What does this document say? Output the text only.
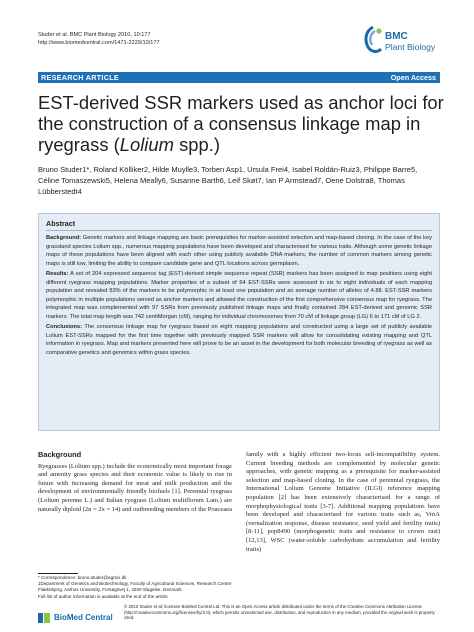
Studer et al. BMC Plant Biology 2010, 10:177
http://www.biomedcentral.com/1471-2229/10/177
BMC
Plant Biology
RESEARCH ARTICLE	Open Access
EST-derived SSR markers used as anchor loci for the construction of a consensus linkage map in ryegrass (Lolium spp.)
Bruno Studer1*, Roland Kölliker2, Hilde Muylle3, Torben Asp1, Ursula Frei4, Isabel Roldán-Ruiz3, Philippe Barre5, Céline Tomaszewski5, Helena Meally6, Susanne Barth6, Leif Skøt7, Ian P Armstead7, Oene Dolstra8, Thomas Lübberstedt4
Abstract

Background: Genetic markers and linkage mapping are basic prerequisites for marker-assisted selection and map-based cloning. In the case of the key grassland species Lolium spp., numerous mapping populations have been developed and characterised for various traits. Although some genetic linkage maps of these populations have been aligned with each other using publicly available DNA markers, the number of common markers among genetic maps is still low, limiting the ability to compare candidate gene and QTL locations across germplasm.

Results: A set of 204 expressed sequence tag (EST)-derived simple sequence repeat (SSR) markers has been assigned to map positions using eight different ryegrass mapping populations. Marker properties of a subset of 64 EST-SSRs were assessed in six to eight individuals of each mapping population and revealed 83% of the markers to be polymorphic in at least one population and an average number of alleles of 4.88. EST-SSR markers polymorphic in multiple populations served as anchor markers and allowed the construction of the first comprehensive consensus map for ryegrass. The integrated map was complemented with 97 SSRs from previously published linkage maps and finally contained 284 EST-derived and genomic SSR markers. The total map length was 742 centiMorgan (cM), ranging for individual chromosomes from 70 cM of linkage group (LG) 6 to 171 cM of LG 2.

Conclusions: The consensus linkage map for ryegrass based on eight mapping populations and constructed using a large set of publicly available Lolium EST-SSRs mapped for the first time together with previously mapped SSR markers will allow for consolidating existing mapping and QTL information in ryegrass. Map and markers presented here will prove to be an asset in the development for both molecular breeding of ryegrass as well as comparative genetics and genomics within grass species.

Background
Ryegrasses (Lolium spp.) include the economically most important forage and amenity grass species and their economic value is likely to rise in future with increasing demand for meat and milk production and the development of environmentally friendly biofuels [1]. Perennial ryegrass (Lolium perenne L.) and Italian ryegrass (Lolium multiflorum Lam.) are naturally diploid (2n = 2x = 14) and outbreeding members of the Poaceaea
family with a highly efficient two-locus self-incompatibility system. Current breeding methods are complemented by molecular genetic approaches, with genetic mapping as a prerequisite for marker-assisted selection and map-based cloning. In the case of perennial ryegrass, the International Lolium Genome Initiative (ILGI) reference mapping population [2] has been extensively characterised for a range of morphophysiological traits [3-7]. Additional mapping populations have been developed and characterised for various traits such as, VrnA (vernalization response, disease resistance, seed yield and fertility traits) [8-11], pop8490 (morphogenetic traits and resistance to crown rust) [12,13], WSC (water-soluble carbohydrate accumulation and fertility traits)
* Correspondence: bruno.studer@agrsci.dk
1Department of Genetics and Biotechnology, Faculty of Agricultural Sciences, Research Centre Flakkebjerg, Aarhus University, Forsøgsvej 1, 4200 Slagelse, Denmark
Full list of author information is available at the end of the article
BioMed Central
© 2010 Studer et al; licensee BioMed Central Ltd. This is an Open Access article distributed under the terms of the Creative Commons Attribution License (http://creativecommons.org/licenses/by/2.0), which permits unrestricted use, distribution, and reproduction in any medium, provided the original work is properly cited.
